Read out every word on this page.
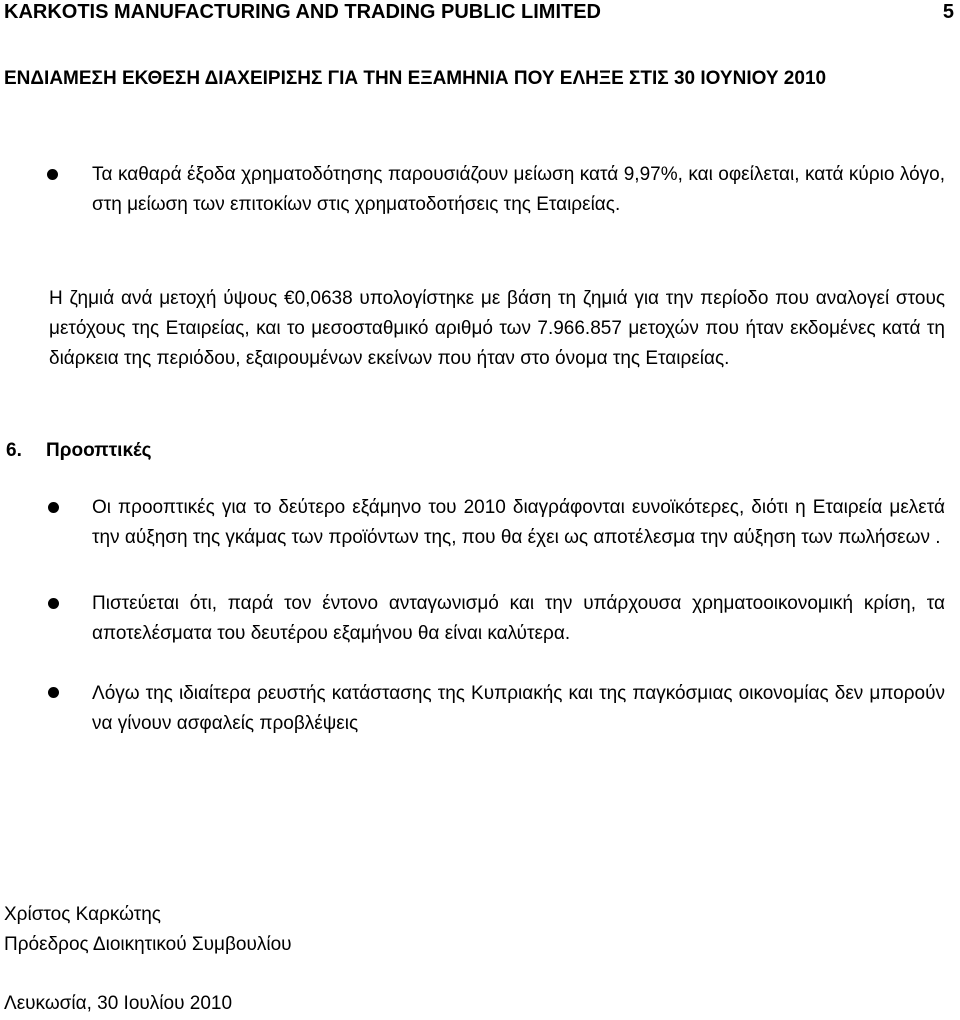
KARKOTIS MANUFACTURING AND TRADING PUBLIC LIMITED	5
ΕΝΔΙΑΜΕΣΗ ΕΚΘΕΣΗ ΔΙΑΧΕΙΡΙΣΗΣ ΓΙΑ ΤΗΝ ΕΞΑΜΗΝΙΑ ΠΟΥ ΕΛΗΞΕ ΣΤΙΣ 30 ΙΟΥΝΙΟΥ 2010
Τα καθαρά έξοδα χρηματοδότησης παρουσιάζουν μείωση κατά 9,97%, και οφείλεται, κατά κύριο λόγο, στη μείωση των επιτοκίων στις χρηματοδοτήσεις της Εταιρείας.
Η ζημιά ανά μετοχή ύψους €0,0638 υπολογίστηκε με βάση τη ζημιά για την περίοδο που αναλογεί στους μετόχους της Εταιρείας, και το μεσοσταθμικό αριθμό των 7.966.857 μετοχών που ήταν εκδομένες κατά τη διάρκεια της περιόδου, εξαιρουμένων εκείνων που ήταν στο όνομα της Εταιρείας.
6. Προοπτικές
Οι προοπτικές για το δεύτερο εξάμηνο του 2010 διαγράφονται ευνοϊκότερες, διότι η Εταιρεία μελετά την αύξηση της γκάμας των προϊόντων της, που θα έχει ως αποτέλεσμα την αύξηση των πωλήσεων .
Πιστεύεται ότι, παρά τον έντονο ανταγωνισμό και την υπάρχουσα χρηματοοικονομική κρίση, τα αποτελέσματα του δευτέρου εξαμήνου θα είναι καλύτερα.
Λόγω της ιδιαίτερα ρευστής κατάστασης της Κυπριακής και της παγκόσμιας οικονομίας δεν μπορούν να γίνουν ασφαλείς προβλέψεις
Χρίστος Καρκώτης
Πρόεδρος Διοικητικού Συμβουλίου
Λευκωσία, 30 Ιουλίου 2010
